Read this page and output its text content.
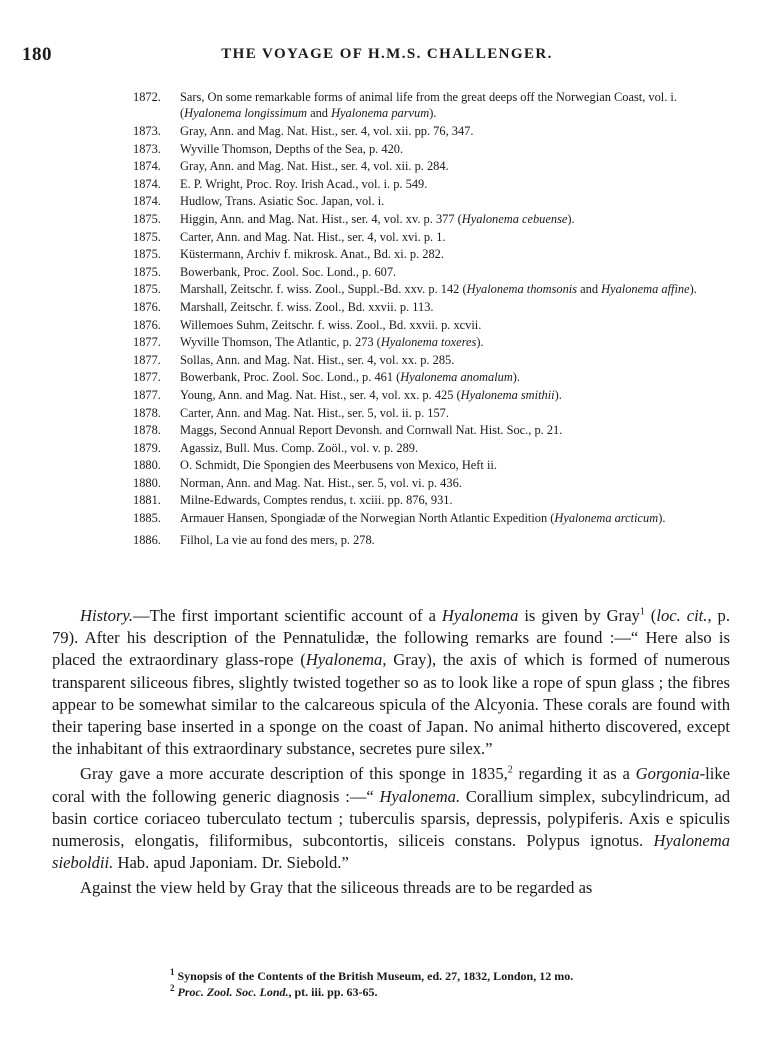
180	THE VOYAGE OF H.M.S. CHALLENGER.
1872. Sars, On some remarkable forms of animal life from the great deeps off the Norwegian Coast, vol. i. (Hyalonema longissimum and Hyalonema parvum).
1873. Gray, Ann. and Mag. Nat. Hist., ser. 4, vol. xii. pp. 76, 347.
1873. Wyville Thomson, Depths of the Sea, p. 420.
1874. Gray, Ann. and Mag. Nat. Hist., ser. 4, vol. xii. p. 284.
1874. E. P. Wright, Proc. Roy. Irish Acad., vol. i. p. 549.
1874. Hudlow, Trans. Asiatic Soc. Japan, vol. i.
1875. Higgin, Ann. and Mag. Nat. Hist., ser. 4, vol. xv. p. 377 (Hyalonema cebuense).
1875. Carter, Ann. and Mag. Nat. Hist., ser. 4, vol. xvi. p. 1.
1875. Küstermann, Archiv f. mikrosk. Anat., Bd. xi. p. 282.
1875. Bowerbank, Proc. Zool. Soc. Lond., p. 607.
1875. Marshall, Zeitschr. f. wiss. Zool., Suppl.-Bd. xxv. p. 142 (Hyalonema thomsonis and Hyalonema affine).
1876. Marshall, Zeitschr. f. wiss. Zool., Bd. xxvii. p. 113.
1876. Willemoes Suhm, Zeitschr. f. wiss. Zool., Bd. xxvii. p. xcvii.
1877. Wyville Thomson, The Atlantic, p. 273 (Hyalonema toxeres).
1877. Sollas, Ann. and Mag. Nat. Hist., ser. 4, vol. xx. p. 285.
1877. Bowerbank, Proc. Zool. Soc. Lond., p. 461 (Hyalonema anomalum).
1877. Young, Ann. and Mag. Nat. Hist., ser. 4, vol. xx. p. 425 (Hyalonema smithii).
1878. Carter, Ann. and Mag. Nat. Hist., ser. 5, vol. ii. p. 157.
1878. Maggs, Second Annual Report Devonsh. and Cornwall Nat. Hist. Soc., p. 21.
1879. Agassiz, Bull. Mus. Comp. Zoöl., vol. v. p. 289.
1880. O. Schmidt, Die Spongien des Meerbusens von Mexico, Heft ii.
1880. Norman, Ann. and Mag. Nat. Hist., ser. 5, vol. vi. p. 436.
1881. Milne-Edwards, Comptes rendus, t. xciii. pp. 876, 931.
1885. Armauer Hansen, Spongiadæ of the Norwegian North Atlantic Expedition (Hyalonema arcticum).
1886. Filhol, La vie au fond des mers, p. 278.

History.—The first important scientific account of a Hyalonema is given by Gray$^1$ (loc. cit., p. 79). After his description of the Pennatulidæ, the following remarks are found :—“ Here also is placed the extraordinary glass-rope (Hyalonema, Gray), the axis of which is formed of numerous transparent siliceous fibres, slightly twisted together so as to look like a rope of spun glass ; the fibres appear to be somewhat similar to the calcareous spicula of the Alcyonia. These corals are found with their tapering base inserted in a sponge on the coast of Japan. No animal hitherto discovered, except the inhabitant of this extraordinary substance, secretes pure silex.”

Gray gave a more accurate description of this sponge in 1835,$^2$ regarding it as a Gorgonia-like coral with the following generic diagnosis :—“ Hyalonema. Corallium simplex, subcylindricum, ad basin cortice coriaceo tuberculato tectum ; tuberculis sparsis, depressis, polypiferis. Axis e spiculis numerosis, elongatis, filiformibus, subcontortis, siliceis constans. Polypus ignotus. Hyalonema sieboldii. Hab. apud Japoniam. Dr. Siebold.”

Against the view held by Gray that the siliceous threads are to be regarded as

$^1$ Synopsis of the Contents of the British Museum, ed. 27, 1832, London, 12 mo.

$^2$ Proc. Zool. Soc. Lond., pt. iii. pp. 63-65.
